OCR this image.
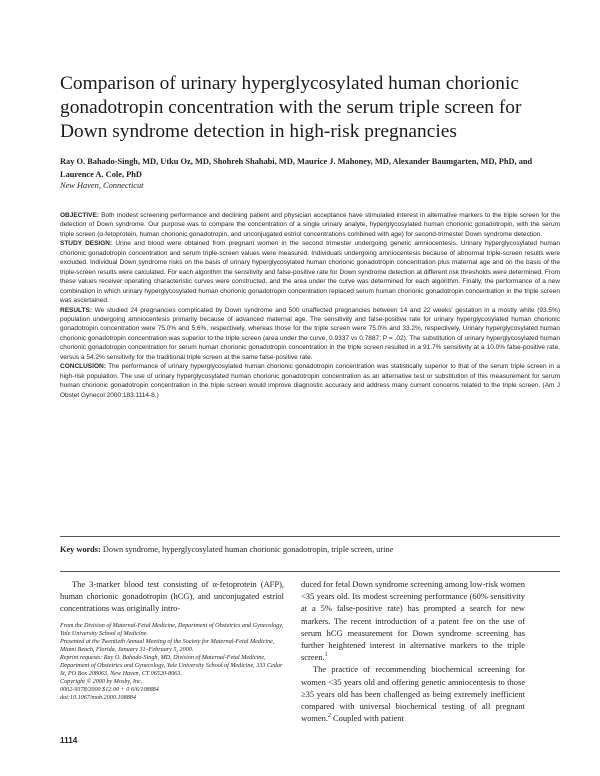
Comparison of urinary hyperglycosylated human chorionic gonadotropin concentration with the serum triple screen for Down syndrome detection in high-risk pregnancies
Ray O. Bahado-Singh, MD, Utku Oz, MD, Shohreh Shahabi, MD, Maurice J. Mahoney, MD, Alexander Baumgarten, MD, PhD, and Laurence A. Cole, PhD
New Haven, Connecticut

OBJECTIVE: Both modest screening performance and declining patient and physician acceptance have stimulated interest in alternative markers to the triple screen for the detection of Down syndrome. Our purpose was to compare the concentration of a single urinary analyte, hyperglycosylated human chorionic gonadotropin, with the serum triple screen (α-fetoprotein, human chorionic gonadotropin, and unconjugated estriol concentrations combined with age) for second-trimester Down syndrome detection.

STUDY DESIGN: Urine and blood were obtained from pregnant women in the second trimester undergoing genetic amniocentesis. Urinary hyperglycosylated human chorionic gonadotropin concentration and serum triple-screen values were measured. Individuals undergoing amniocentesis because of abnormal triple-screen results were excluded. Individual Down syndrome risks on the basis of urinary hyperglycosylated human chorionic gonadotropin concentration plus maternal age and on the basis of the triple-screen results were calculated. For each algorithm the sensitivity and false-positive rate for Down syndrome detection at different risk thresholds were determined. From these values receiver operating characteristic curves were constructed, and the area under the curve was determined for each algorithm. Finally, the performance of a new combination in which urinary hyperglycosylated human chorionic gonadotropin concentration replaced serum human chorionic gonadotropin concentration in the triple screen was ascertained.

RESULTS: We studied 24 pregnancies complicated by Down syndrome and 500 unaffected pregnancies between 14 and 22 weeks' gestation in a mostly white (93.5%) population undergoing amniocentesis primarily because of advanced maternal age. The sensitivity and false-positive rate for urinary hyperglycosylated human chorionic gonadotropin concentration were 75.0% and 5.6%, respectively, whereas those for the triple screen were 75.0% and 33.2%, respectively. Urinary hyperglycosylated human chorionic gonadotropin concentration was superior to the triple screen (area under the curve, 0.9337 vs 0.7887; P = .02). The substitution of urinary hyperglycosylated human chorionic gonadotropin concentration for serum human chorionic gonadotropin concentration in the triple screen resulted in a 91.7% sensitivity at a 10.0% false-positive rate, versus a 54.2% sensitivity for the traditional triple screen at the same false-positive rate.

CONCLUSION: The performance of urinary hyperglycosylated human chorionic gonadotropin concentration was statistically superior to that of the serum triple screen in a high-risk population. The use of urinary hyperglycosylated human chorionic gonadotropin concentration as an alternative test or substitution of this measurement for serum human chorionic gonadotropin concentration in the triple screen would improve diagnostic accuracy and address many current concerns related to the triple screen. (Am J Obstet Gynecol 2000;183:1114-8.)

Key words: Down syndrome, hyperglycosylated human chorionic gonadotropin, triple screen, urine

The 3-marker blood test consisting of α-fetoprotein (AFP), human chorionic gonadotropin (hCG), and unconjugated estriol concentrations was originally intro-

From the Division of Maternal-Fetal Medicine, Department of Obstetrics and Gynecology, Yale University School of Medicine.

Presented at the Twentieth Annual Meeting of the Society for Maternal-Fetal Medicine, Miami Beach, Florida, January 31–February 5, 2000.

Reprint requests: Ray O. Bahado-Singh, MD, Division of Maternal-Fetal Medicine, Department of Obstetrics and Gynecology, Yale University School of Medicine, 333 Cedar St, PO Box 208063, New Haven, CT 06520-8063.

Copyright © 2000 by Mosby, Inc.

0002-9378/2000 $12.00 + 0 6/6/108884

doi:10.1067/mob.2000.108884

duced for fetal Down syndrome screening among low-risk women <35 years old. Its modest screening performance (60% sensitivity at a 5% false-positive rate) has prompted a search for new markers. The recent introduction of a patent fee on the use of serum hCG measurement for Down syndrome screening has further heightened interest in alternative markers to the triple screen.$^1$

The practice of recommending biochemical screening for women <35 years old and offering genetic amniocentesis to those ≥35 years old has been challenged as being extremely inefficient compared with universal biochemical testing of all pregnant women.$^2$ Coupled with patient

1114
